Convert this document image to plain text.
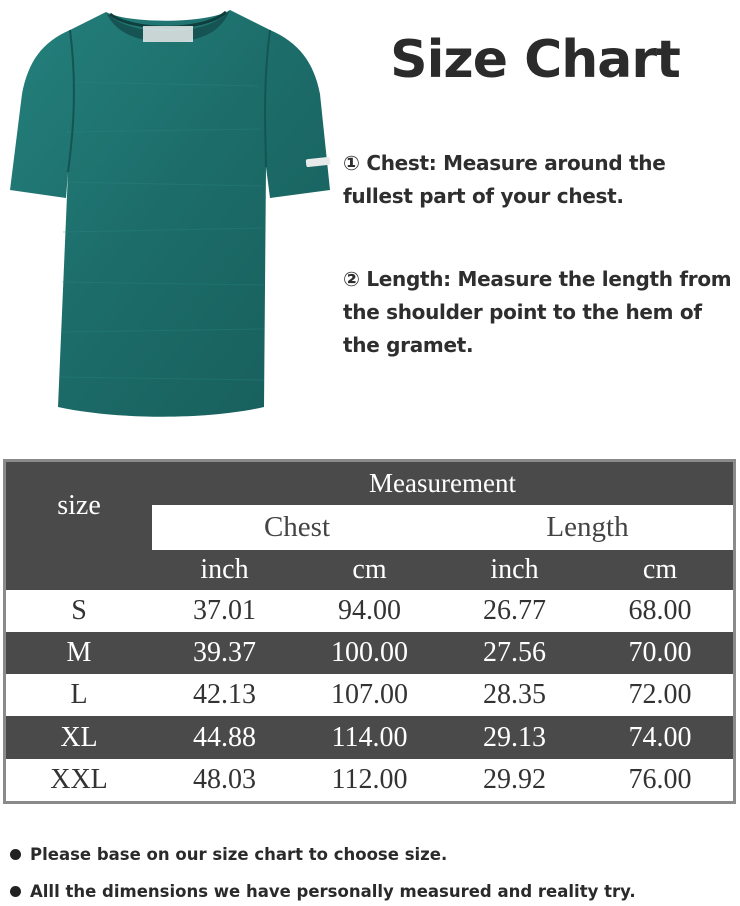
Size Chart
① Chest: Measure around the fullest part of your chest.
② Length: Measure the length from the shoulder point to the hem of the gramet.
size	Measurement			
	Chest		Length	
	inch	cm	inch	cm
S	37.01	94.00	26.77	68.00
M	39.37	100.00	27.56	70.00
L	42.13	107.00	28.35	72.00
XL	44.88	114.00	29.13	74.00
XXL	48.03	112.00	29.92	76.00
Please base on our size chart to choose size.
Alll the dimensions we have personally measured and reality try.
